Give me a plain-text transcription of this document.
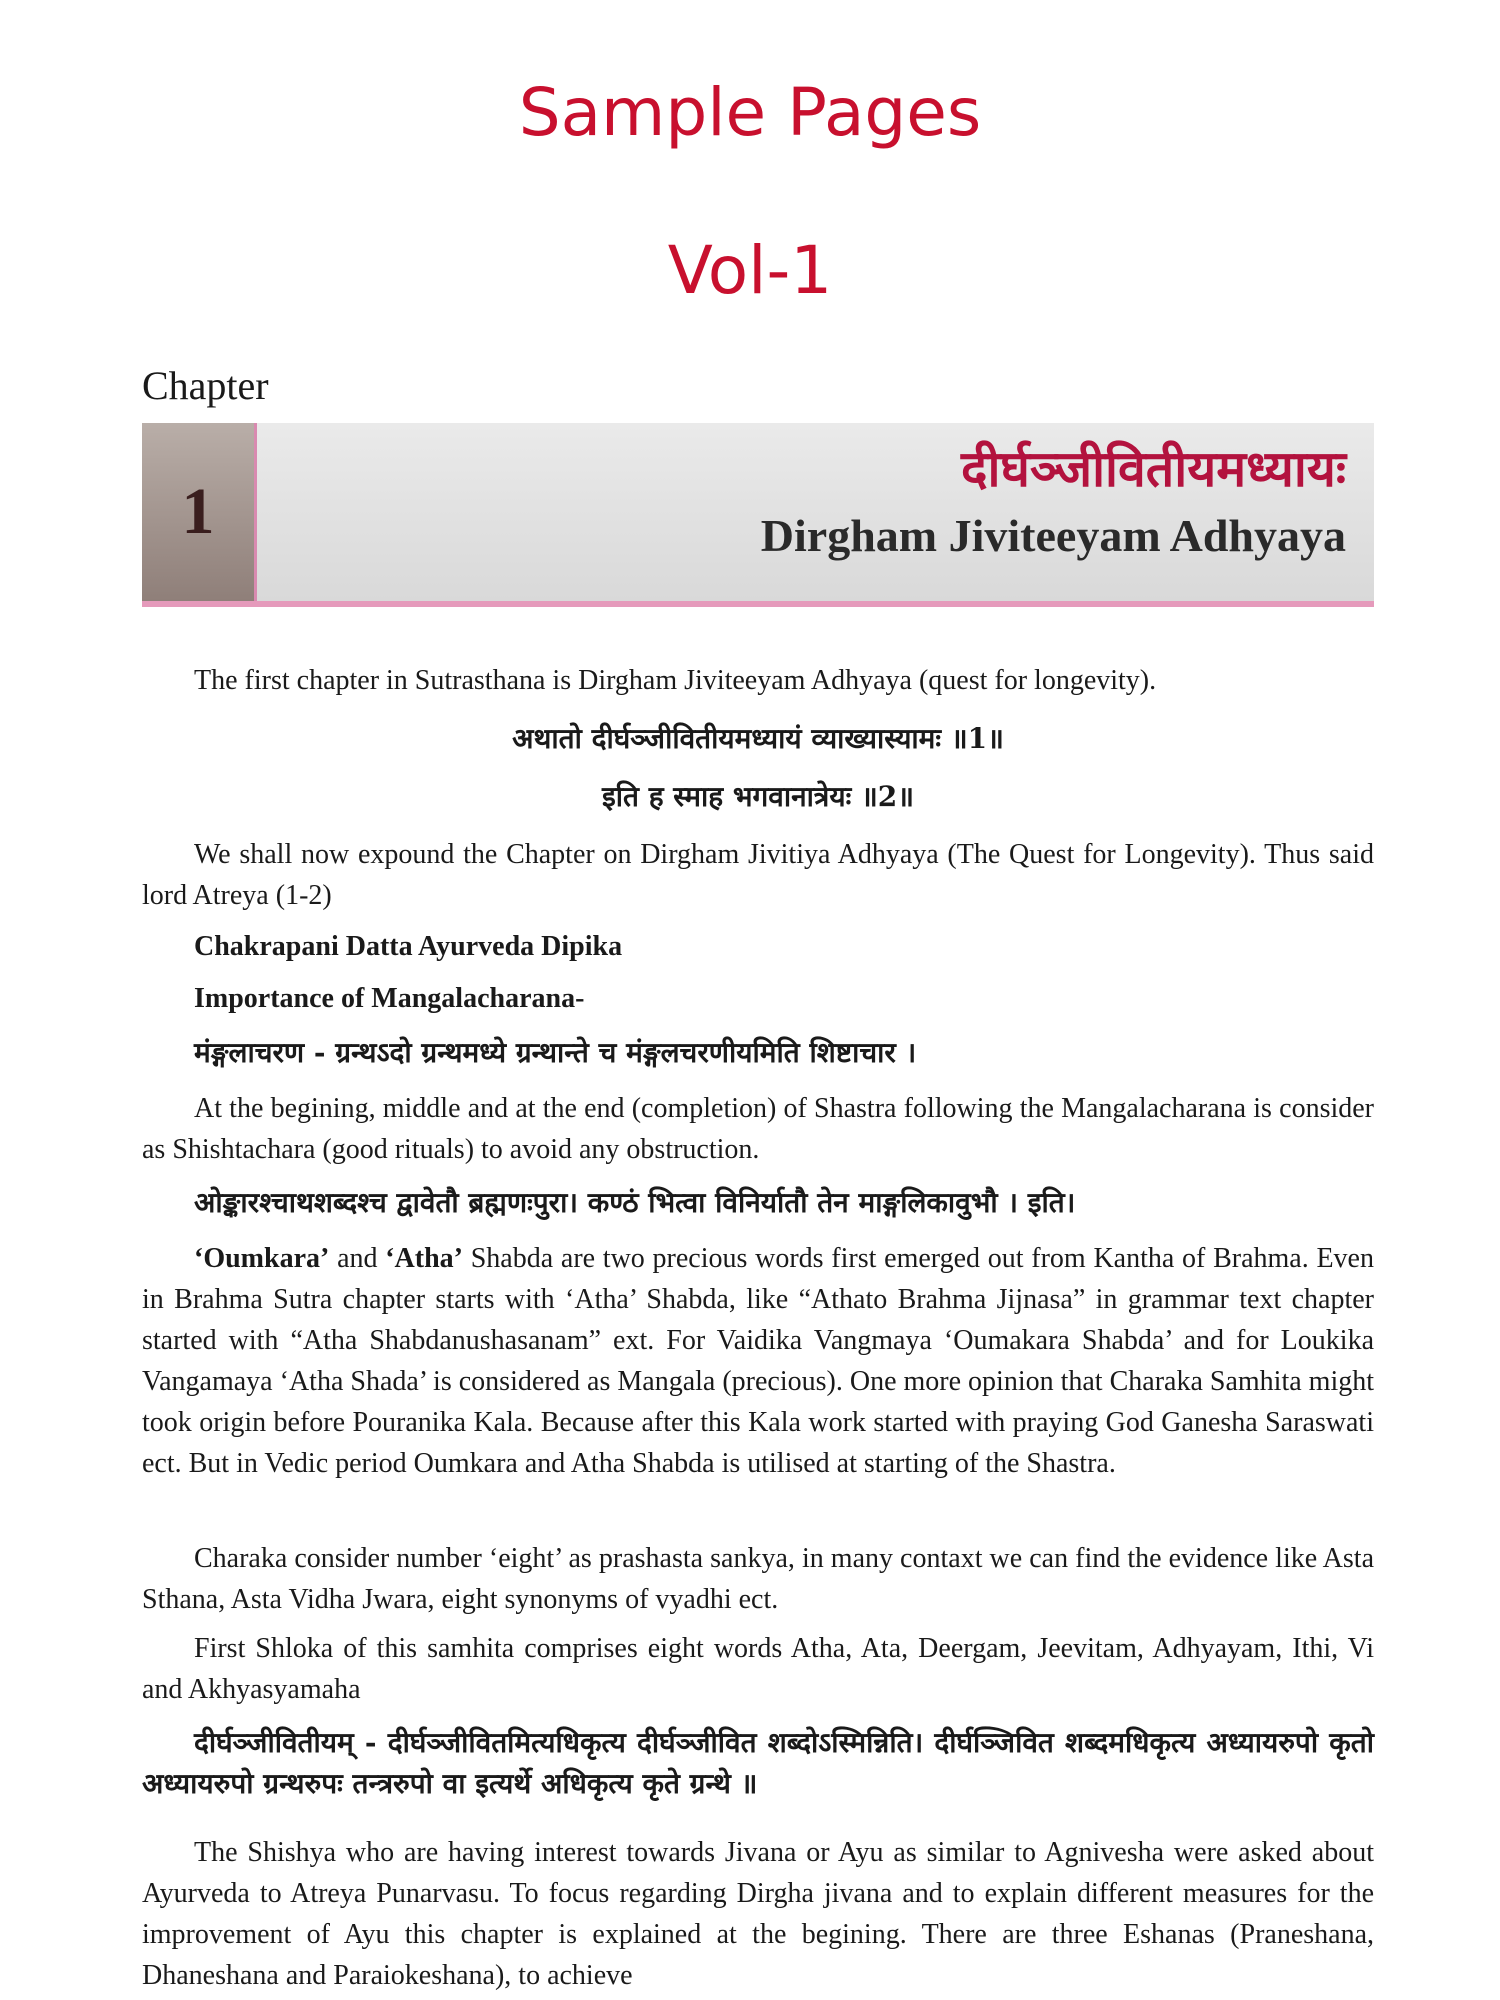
Sample Pages
Vol-1
Chapter
1
दीर्घञ्जीवितीयमध्यायः
Dirgham Jiviteeyam Adhyaya
The first chapter in Sutrasthana is Dirgham Jiviteeyam Adhyaya (quest for longevity).
अथातो दीर्घञ्जीवितीयमध्यायं व्याख्यास्यामः ॥1॥
इति ह स्माह भगवानात्रेयः ॥2॥
We shall now expound the Chapter on Dirgham Jivitiya Adhyaya (The Quest for Longevity). Thus said lord Atreya (1-2)
Chakrapani Datta Ayurveda Dipika
Importance of Mangalacharana-
मंङ्गलाचरण - ग्रन्थऽदो ग्रन्थमध्ये ग्रन्थान्ते च मंङ्गलचरणीयमिति शिष्टाचार ।
At the begining, middle and at the end (completion) of Shastra following the Mangalacharana is consider as Shishtachara (good rituals) to avoid any obstruction.
ओङ्कारश्चाथशब्दश्च द्वावेतौ ब्रह्मणःपुरा। कण्ठं भित्वा विनिर्यातौ तेन माङ्गलिकावुभौ । इति।
‘Oumkara’ and ‘Atha’ Shabda are two precious words first emerged out from Kantha of Brahma. Even in Brahma Sutra chapter starts with ‘Atha’ Shabda, like “Athato Brahma Jijnasa” in grammar text chapter started with “Atha Shabdanushasanam” ext. For Vaidika Vangmaya ‘Oumakara Shabda’ and for Loukika Vangamaya ‘Atha Shada’ is considered as Mangala (precious). One more opinion that Charaka Samhita might took origin before Pouranika Kala. Because after this Kala work started with praying God Ganesha Saraswati ect. But in Vedic period Oumkara and Atha Shabda is utilised at starting of the Shastra.
Charaka consider number ‘eight’ as prashasta sankya, in many contaxt we can find the evidence like Asta Sthana, Asta Vidha Jwara, eight synonyms of vyadhi ect.
First Shloka of this samhita comprises eight words Atha, Ata, Deergam, Jeevitam, Adhyayam, Ithi, Vi and Akhyasyamaha
दीर्घञ्जीवितीयम् - दीर्घञ्जीवितमित्यधिकृत्य दीर्घञ्जीवित शब्दोऽस्मिन्निति। दीर्घञ्जिवित शब्दमधिकृत्य अध्यायरुपो कृतो अध्यायरुपो ग्रन्थरुपः तन्त्ररुपो वा इत्यर्थे अधिकृत्य कृते ग्रन्थे ॥
The Shishya who are having interest towards Jivana or Ayu as similar to Agnivesha were asked about Ayurveda to Atreya Punarvasu. To focus regarding Dirgha jivana and to explain different measures for the improvement of Ayu this chapter is explained at the begining. There are three Eshanas (Praneshana, Dhaneshana and Paraiokeshana), to achieve
